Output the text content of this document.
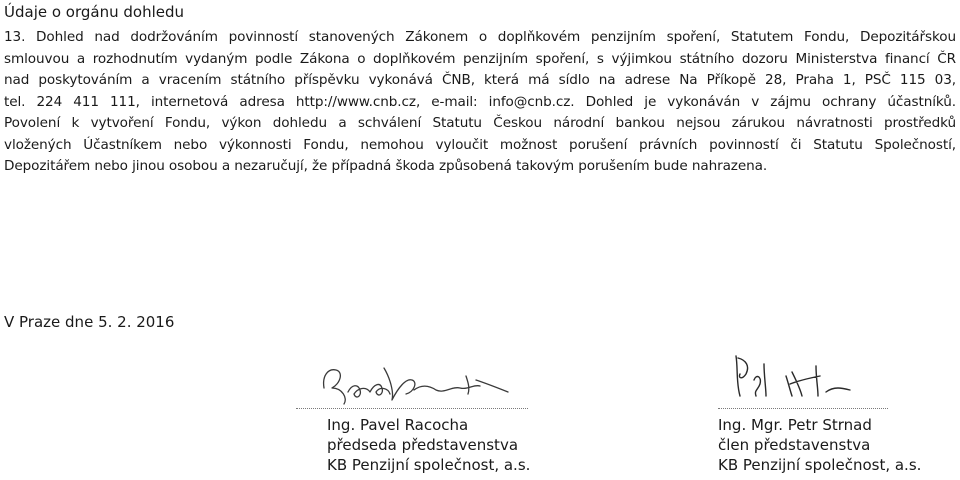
Údaje o orgánu dohledu
13. Dohled nad dodržováním povinností stanovených Zákonem o doplňkovém penzijním spoření, Statutem Fondu, Depozitářskou
smlouvou a rozhodnutím vydaným podle Zákona o doplňkovém penzijním spoření, s výjimkou státního dozoru Ministerstva financí ČR
nad poskytováním a vracením státního příspěvku vykonává ČNB, která má sídlo na adrese Na Příkopě 28, Praha 1, PSČ 115 03,
tel. 224 411 111, internetová adresa http://www.cnb.cz, e-mail: info@cnb.cz. Dohled je vykonáván v zájmu ochrany účastníků.
Povolení k vytvoření Fondu, výkon dohledu a schválení Statutu Českou národní bankou nejsou zárukou návratnosti prostředků
vložených Účastníkem nebo výkonnosti Fondu, nemohou vyloučit možnost porušení právních povinností či Statutu Společností,
Depozitářem nebo jinou osobou a nezaručují, že případná škoda způsobená takovým porušením bude nahrazena.
V Praze dne 5. 2. 2016
Ing. Pavel Racocha
předseda představenstva
KB Penzijní společnost, a.s.
Ing. Mgr. Petr Strnad
člen představenstva
KB Penzijní společnost, a.s.
